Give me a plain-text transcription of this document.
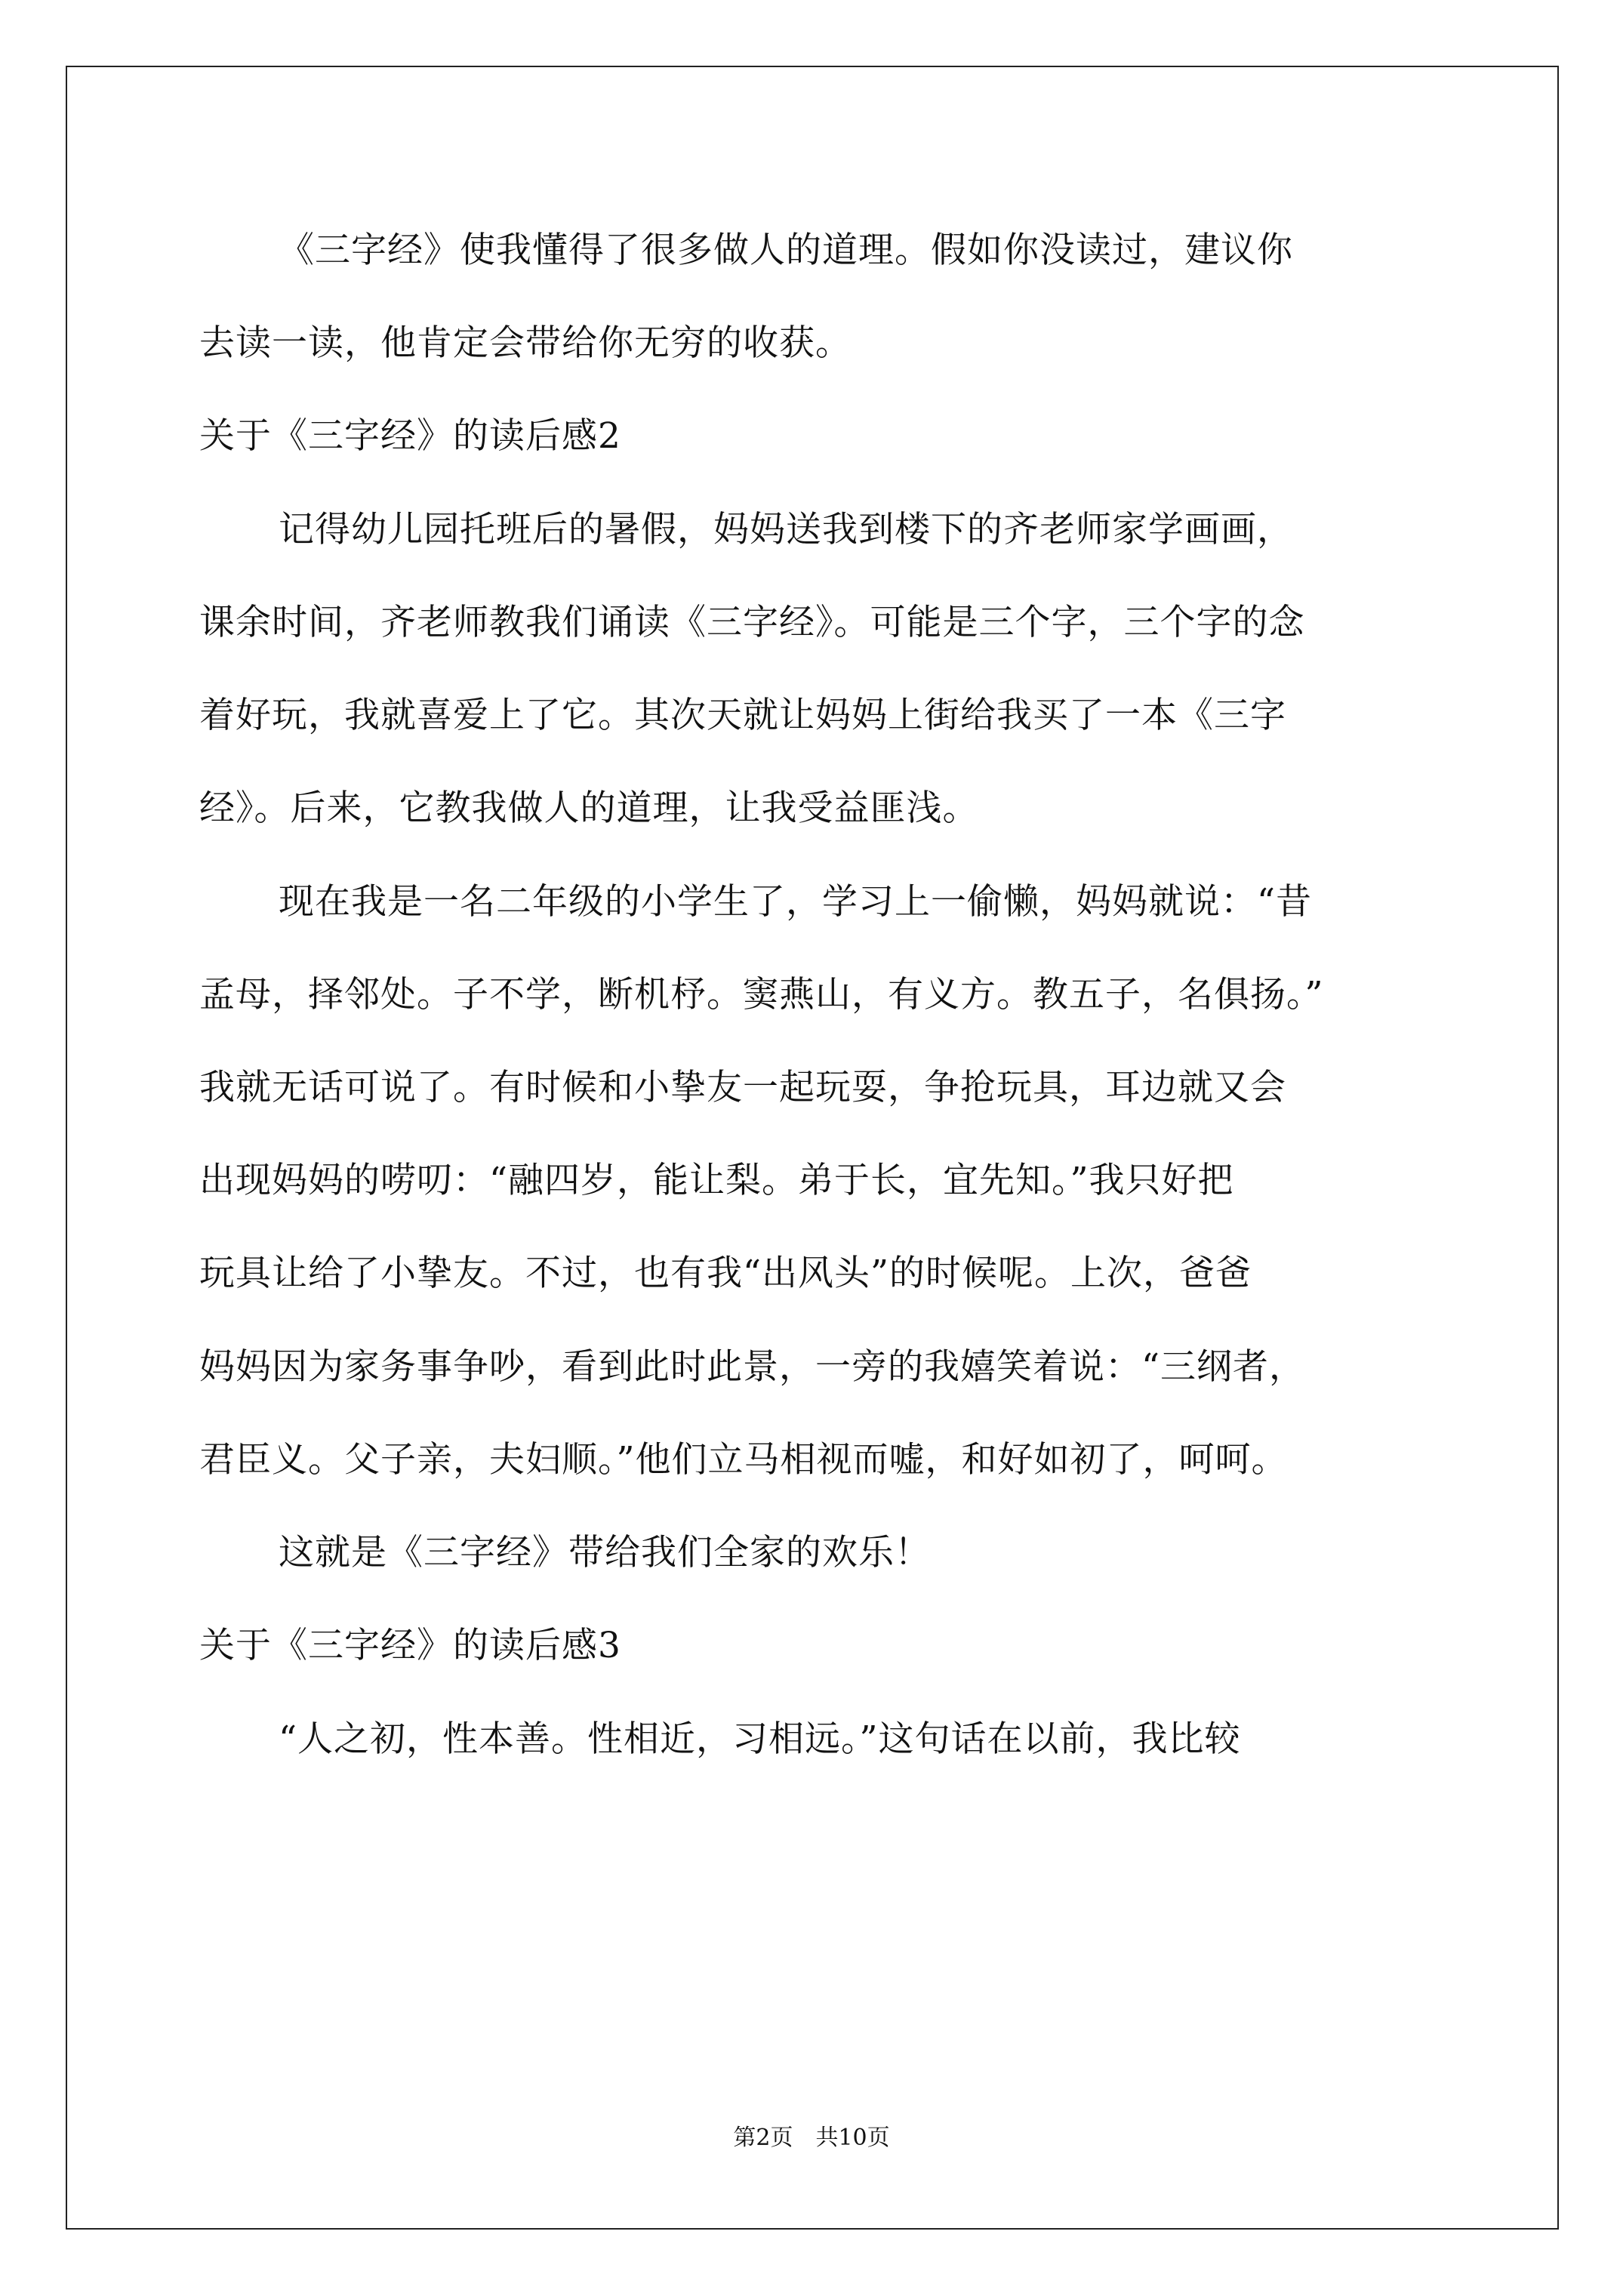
《三字经》使我懂得了很多做人的道理。假如你没读过，建议你
去读一读，他肯定会带给你无穷的收获。
关于《三字经》的读后感2
记得幼儿园托班后的暑假，妈妈送我到楼下的齐老师家学画画，
课余时间，齐老师教我们诵读《三字经》。可能是三个字，三个字的念
着好玩，我就喜爱上了它。其次天就让妈妈上街给我买了一本《三字
经》。后来，它教我做人的道理，让我受益匪浅。
现在我是一名二年级的小学生了，学习上一偷懒，妈妈就说：“昔
孟母，择邻处。子不学，断机杼。窦燕山，有义方。教五子，名俱扬。”
我就无话可说了。有时候和小挚友一起玩耍，争抢玩具，耳边就又会
出现妈妈的唠叨：“融四岁，能让梨。弟于长，宜先知。”我只好把
玩具让给了小挚友。不过，也有我“出风头”的时候呢。上次，爸爸
妈妈因为家务事争吵，看到此时此景，一旁的我嬉笑着说：“三纲者，
君臣义。父子亲，夫妇顺。”他们立马相视而嘘，和好如初了，呵呵。
这就是《三字经》带给我们全家的欢乐！
关于《三字经》的读后感3
“人之初，性本善。性相近，习相远。”这句话在以前，我比较
第2页　共10页
